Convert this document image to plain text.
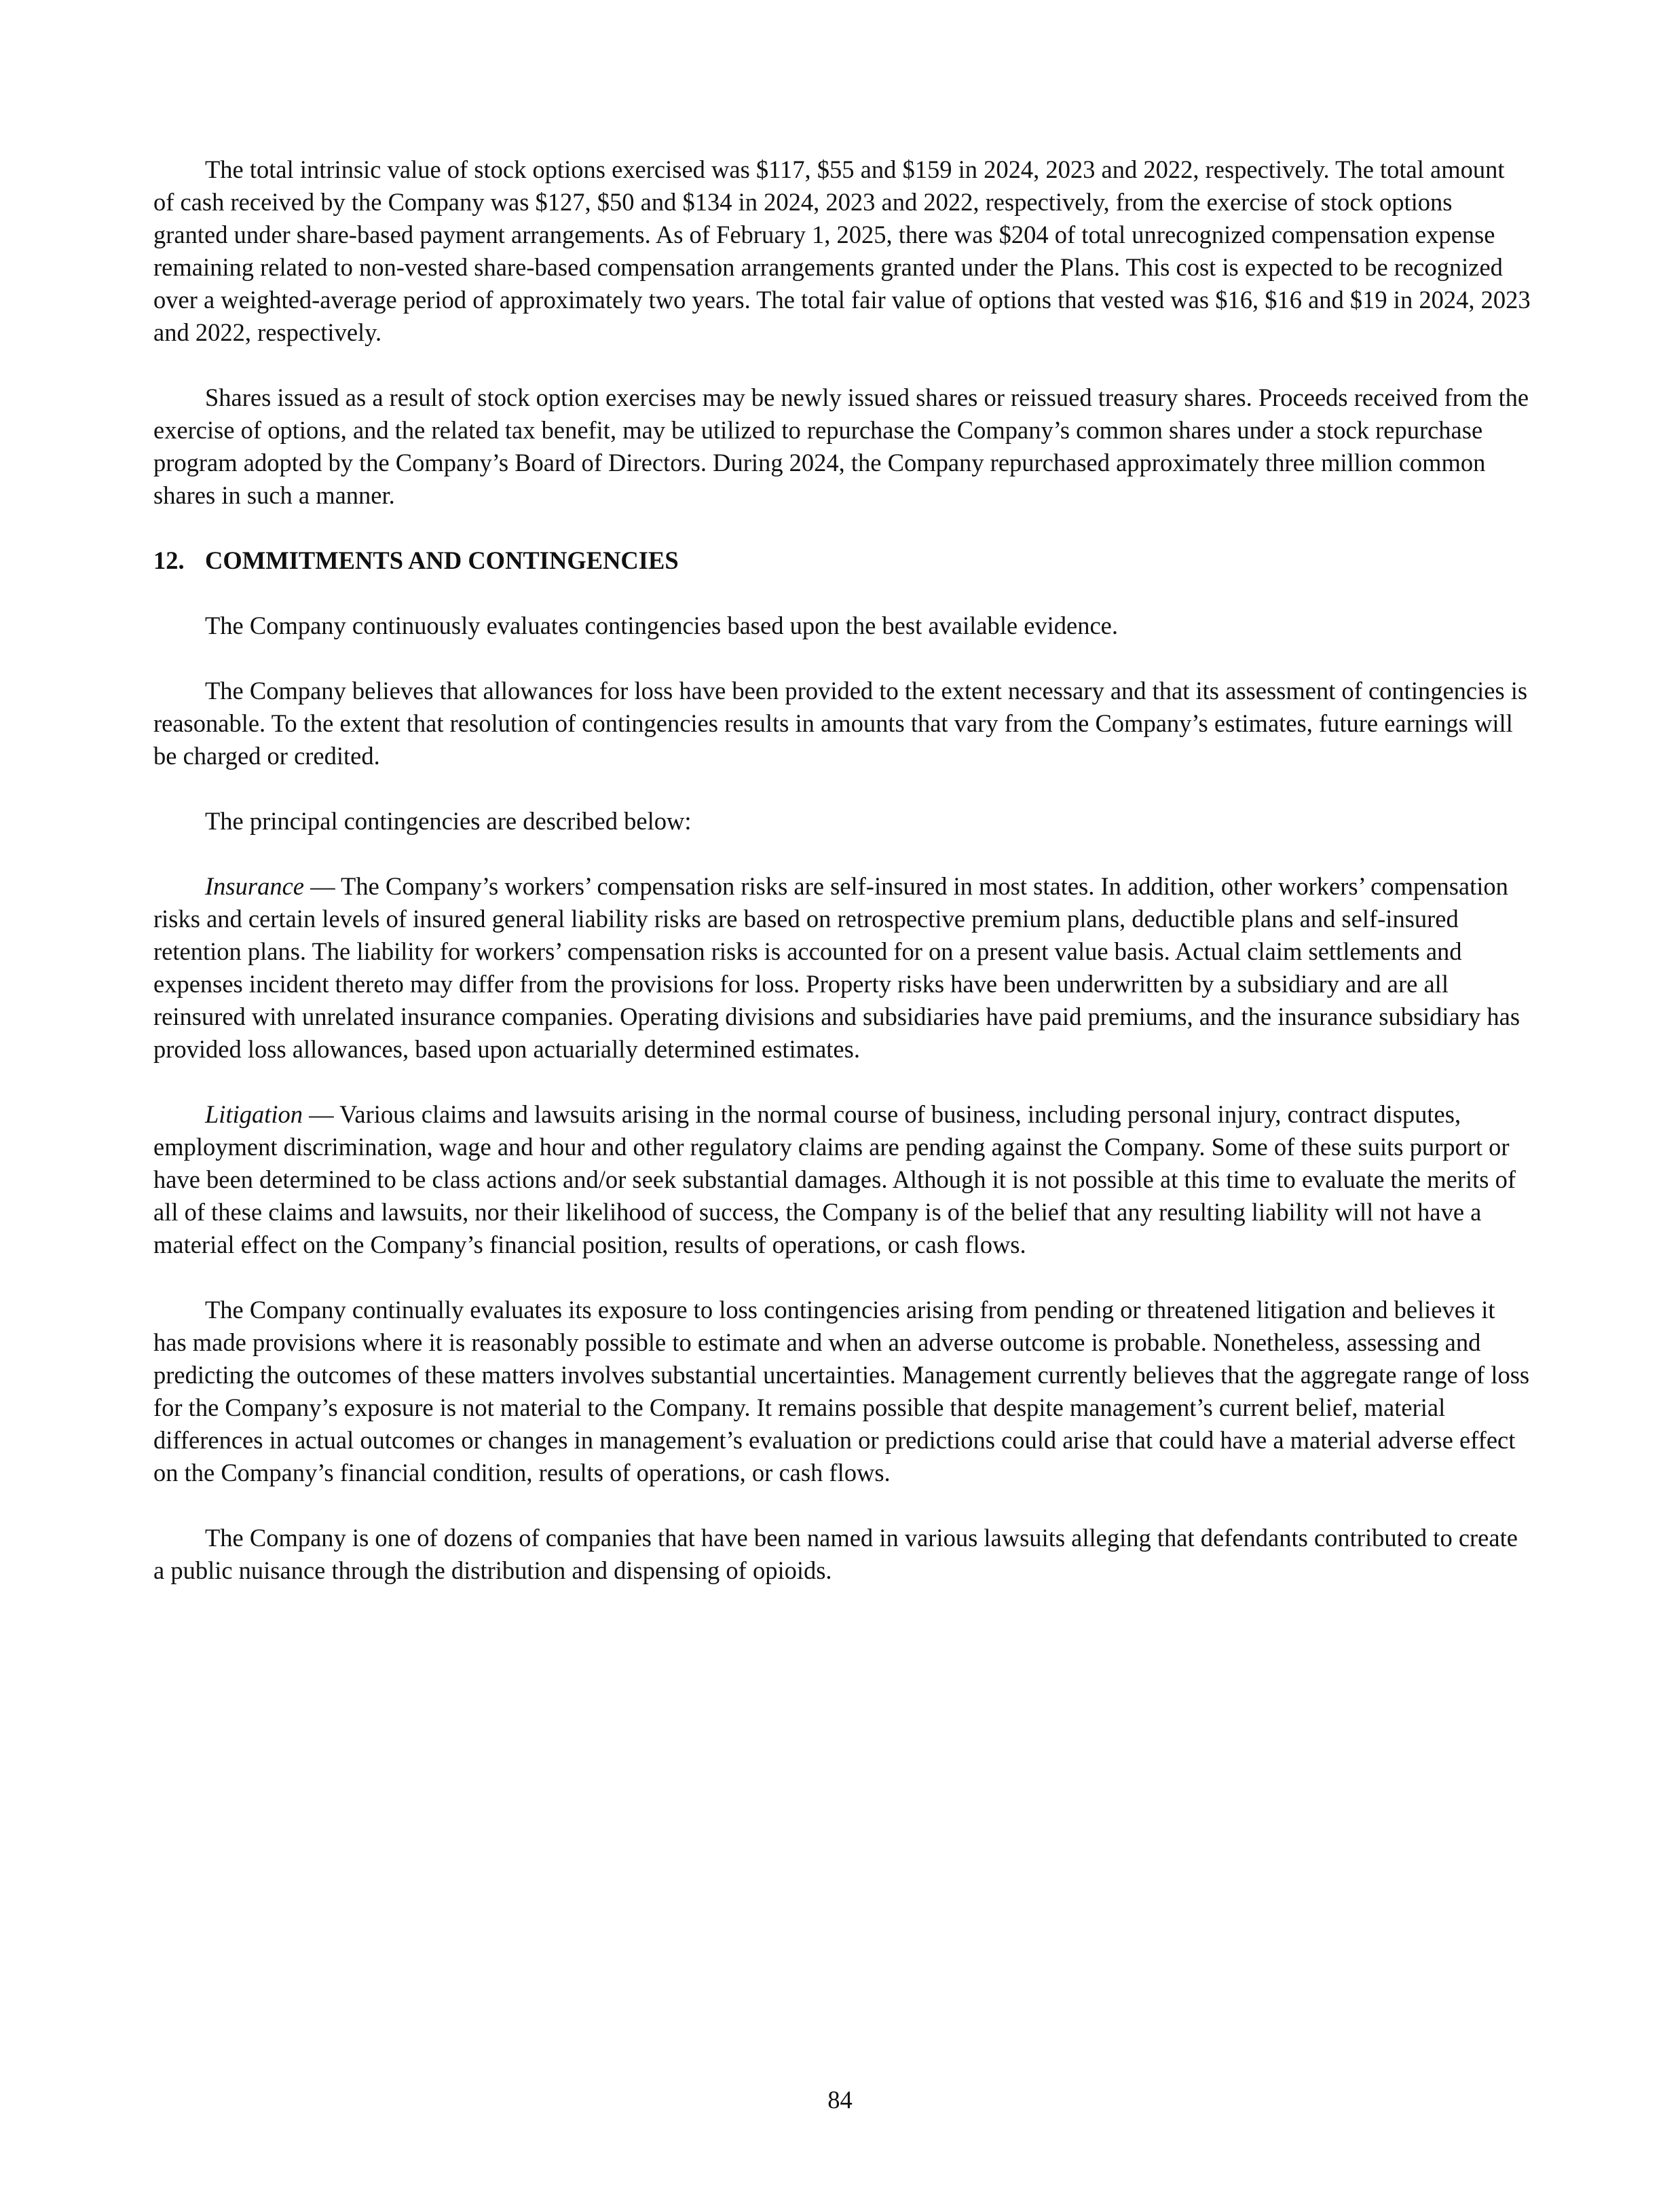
The total intrinsic value of stock options exercised was $117, $55 and $159 in 2024, 2023 and 2022, respectively. The total amount of cash received by the Company was $127, $50 and $134 in 2024, 2023 and 2022, respectively, from the exercise of stock options granted under share-based payment arrangements. As of February 1, 2025, there was $204 of total unrecognized compensation expense remaining related to non-vested share-based compensation arrangements granted under the Plans. This cost is expected to be recognized over a weighted-average period of approximately two years. The total fair value of options that vested was $16, $16 and $19 in 2024, 2023 and 2022, respectively.

Shares issued as a result of stock option exercises may be newly issued shares or reissued treasury shares. Proceeds received from the exercise of options, and the related tax benefit, may be utilized to repurchase the Company’s common shares under a stock repurchase program adopted by the Company’s Board of Directors. During 2024, the Company repurchased approximately three million common shares in such a manner.

12. COMMITMENTS AND CONTINGENCIES

The Company continuously evaluates contingencies based upon the best available evidence.

The Company believes that allowances for loss have been provided to the extent necessary and that its assessment of contingencies is reasonable. To the extent that resolution of contingencies results in amounts that vary from the Company’s estimates, future earnings will be charged or credited.

The principal contingencies are described below:

Insurance — The Company’s workers’ compensation risks are self-insured in most states. In addition, other workers’ compensation risks and certain levels of insured general liability risks are based on retrospective premium plans, deductible plans and self-insured retention plans. The liability for workers’ compensation risks is accounted for on a present value basis. Actual claim settlements and expenses incident thereto may differ from the provisions for loss. Property risks have been underwritten by a subsidiary and are all reinsured with unrelated insurance companies. Operating divisions and subsidiaries have paid premiums, and the insurance subsidiary has provided loss allowances, based upon actuarially determined estimates.

Litigation — Various claims and lawsuits arising in the normal course of business, including personal injury, contract disputes, employment discrimination, wage and hour and other regulatory claims are pending against the Company. Some of these suits purport or have been determined to be class actions and/or seek substantial damages. Although it is not possible at this time to evaluate the merits of all of these claims and lawsuits, nor their likelihood of success, the Company is of the belief that any resulting liability will not have a material effect on the Company’s financial position, results of operations, or cash flows.

The Company continually evaluates its exposure to loss contingencies arising from pending or threatened litigation and believes it has made provisions where it is reasonably possible to estimate and when an adverse outcome is probable. Nonetheless, assessing and predicting the outcomes of these matters involves substantial uncertainties. Management currently believes that the aggregate range of loss for the Company’s exposure is not material to the Company. It remains possible that despite management’s current belief, material differences in actual outcomes or changes in management’s evaluation or predictions could arise that could have a material adverse effect on the Company’s financial condition, results of operations, or cash flows.

The Company is one of dozens of companies that have been named in various lawsuits alleging that defendants contributed to create a public nuisance through the distribution and dispensing of opioids.

84
